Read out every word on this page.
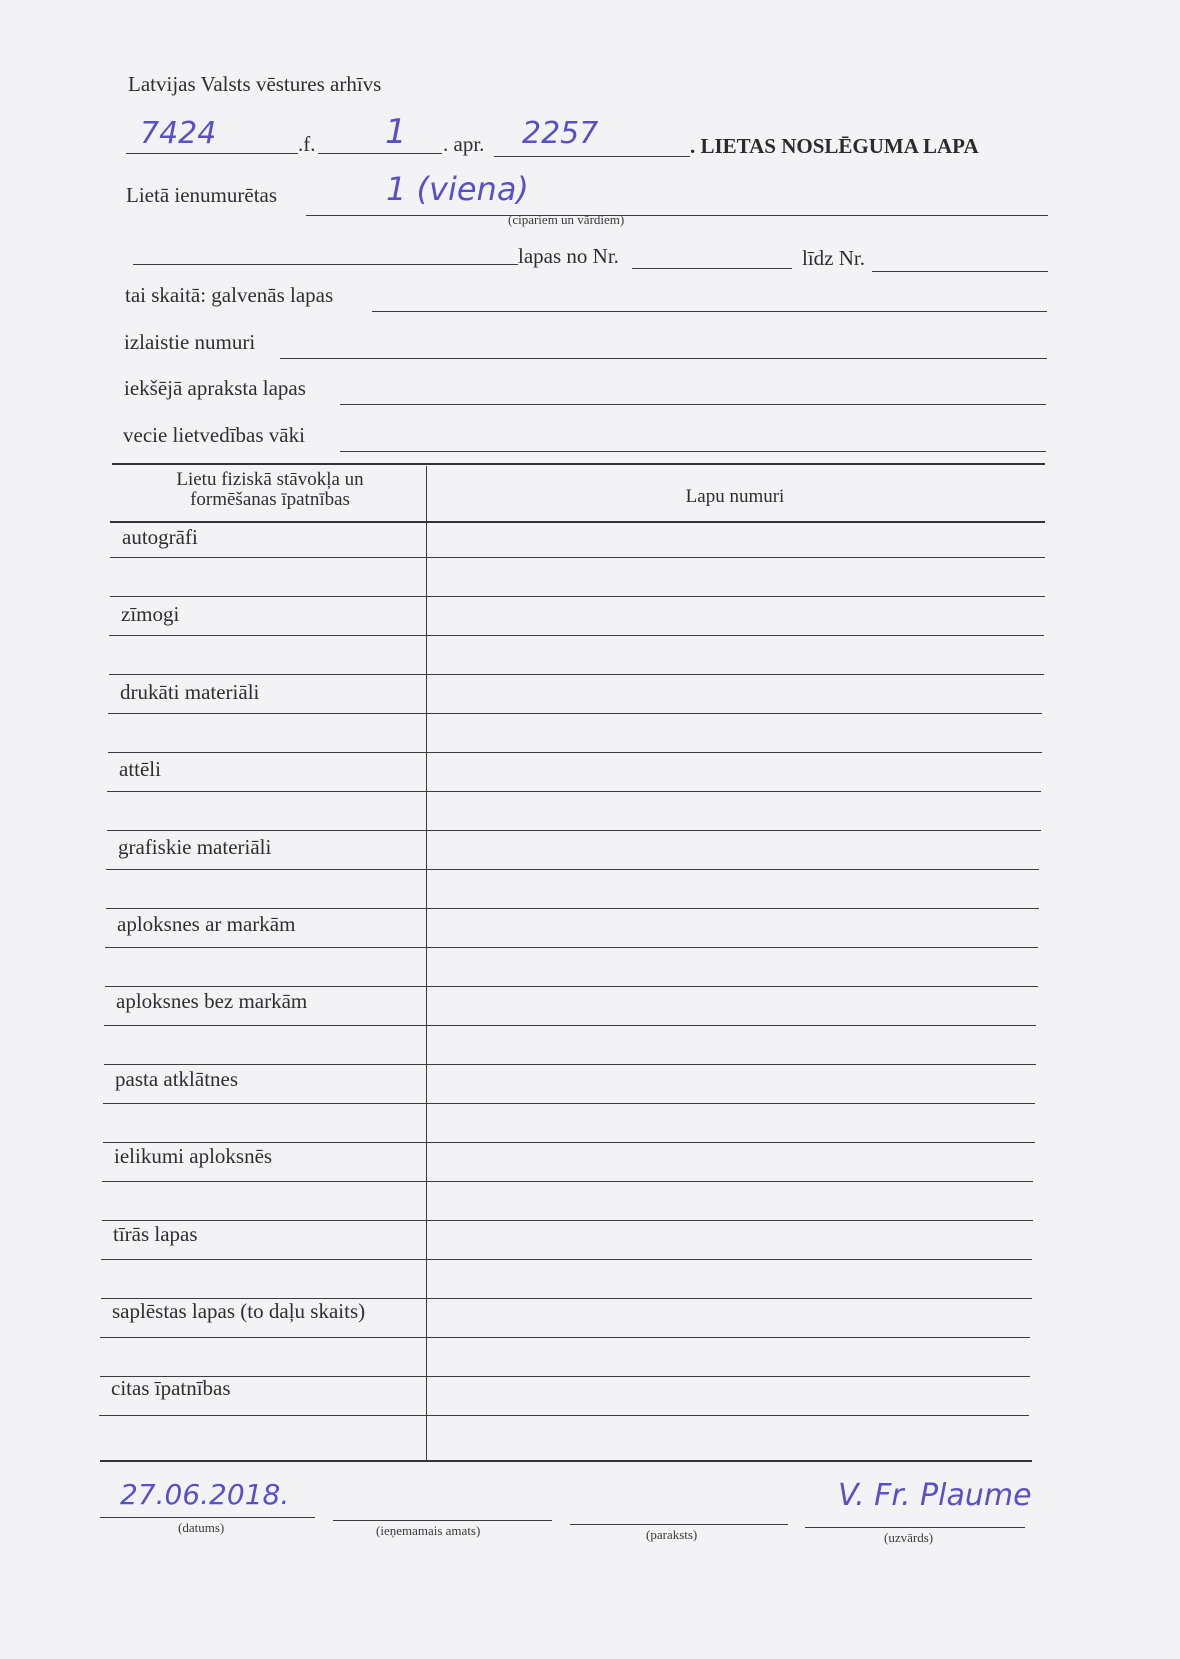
Latvijas Valsts vēstures arhīvs
7424	.f. 1 . apr. 2257	. LIETAS NOSLĒGUMA LAPA
Lietā ienumurētas	1 (viena)
(cipariem un vārdiem)
lapas no Nr.	līdz Nr.
tai skaitā: galvenās lapas
izlaistie numuri
iekšējā apraksta lapas
vecie lietvedības vāki
Lietu fiziskā stāvokļa un
formēšanas īpatnības	Lapu numuri
autogrāfi
zīmogi
drukāti materiāli
attēli
grafiskie materiāli
aploksnes ar markām
aploksnes bez markām
pasta atklātnes
ielikumi aploksnēs
tīrās lapas
saplēstas lapas (to daļu skaits)
citas īpatnības
27.06.2018.
(datums)	(ieņemamais amats)	(paraksts)
V. Fr. Plaume
(uzvārds)
